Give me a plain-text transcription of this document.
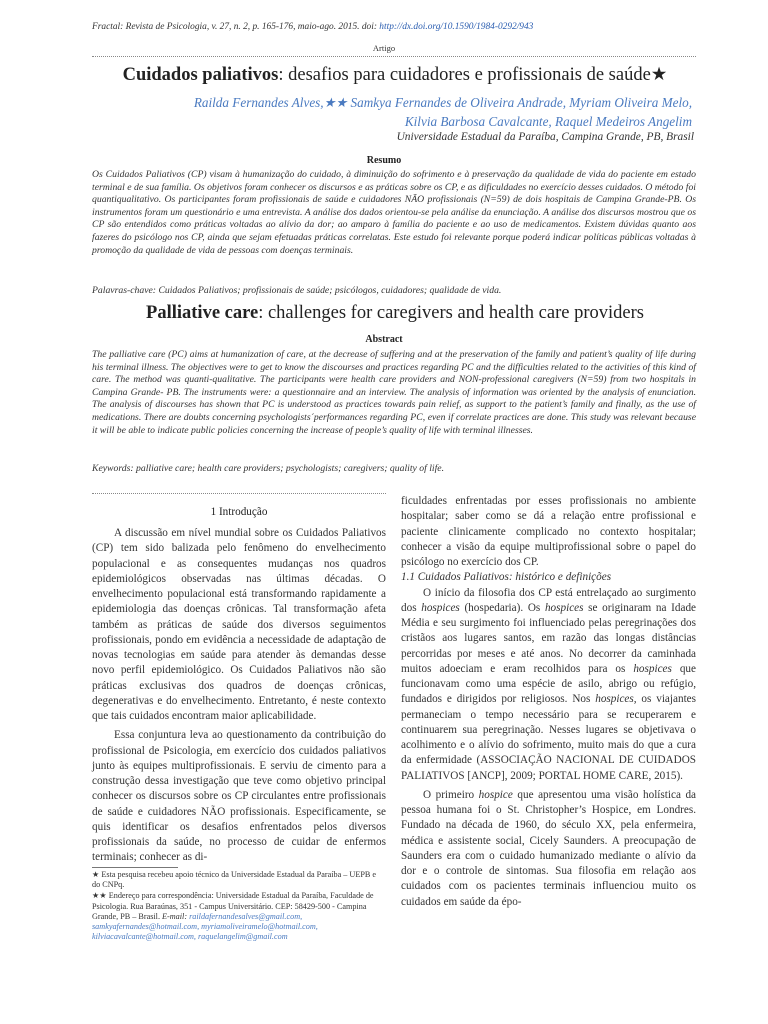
Fractal: Revista de Psicologia, v. 27, n. 2, p. 165-176, maio-ago. 2015. doi: http://dx.doi.org/10.1590/1984-0292/943
Artigo
Cuidados paliativos: desafios para cuidadores e profissionais de saúde★
Railda Fernandes Alves,★★ Samkya Fernandes de Oliveira Andrade, Myriam Oliveira Melo,
Kilvia Barbosa Cavalcante, Raquel Medeiros Angelim
Universidade Estadual da Paraíba, Campina Grande, PB, Brasil
Resumo
Os Cuidados Paliativos (CP) visam à humanização do cuidado, à diminuição do sofrimento e à preservação da qualidade de vida do paciente em estado terminal e de sua família. Os objetivos foram conhecer os discursos e as práticas sobre os CP, e as dificuldades no exercício desses cuidados. O método foi quantiqualitativo. Os participantes foram profissionais de saúde e cuidadores NÃO profissionais (N=59) de dois hospitais de Campina Grande-PB. Os instrumentos foram um questionário e uma entrevista. A análise dos dados orientou-se pela análise da enunciação. A análise dos discursos mostrou que os CP são entendidos como práticas voltadas ao alívio da dor; ao amparo à família do paciente e ao uso de medicamentos. Existem dúvidas quanto aos fazeres do psicólogo nos CP, ainda que sejam efetuadas práticas correlatas. Este estudo foi relevante porque poderá indicar políticas públicas voltadas à promoção da qualidade de vida de pessoas com doenças terminais.
Palavras-chave: Cuidados Paliativos; profissionais de saúde; psicólogos, cuidadores; qualidade de vida.
Palliative care: challenges for caregivers and health care providers
Abstract
The palliative care (PC) aims at humanization of care, at the decrease of suffering and at the preservation of the family and patient’s quality of life during his terminal illness. The objectives were to get to know the discourses and practices regarding PC and the difficulties related to the activities of this kind of care. The method was quanti-qualitative. The participants were health care providers and NON-professional caregivers (N=59) from two hospitals in Campina Grande- PB. The instruments were: a questionnaire and an interview. The analysis of information was oriented by the analysis of enunciation. The analysis of discourses has shown that PC is understood as practices towards pain relief, as support to the patient’s family and finally, as the use of medications. There are doubts concerning psychologists´performances regarding PC, even if correlate practices are done. This study was relevant because it will be able to indicate public policies concerning the increase of people’s quality of life with terminal illnesses.
Keywords: palliative care; health care providers; psychologists; caregivers; quality of life.
1 Introdução

A discussão em nível mundial sobre os Cuidados Paliativos (CP) tem sido balizada pelo fenômeno do envelhecimento populacional e as consequentes mudanças nos quadros epidemiológicos observadas nas últimas décadas. O envelhecimento populacional está transformando rapidamente a epidemiologia das doenças crônicas. Tal transformação afeta também as práticas de saúde dos diversos seguimentos profissionais, pondo em evidência a necessidade de adaptação de novas tecnologias em saúde para atender às demandas desse novo perfil epidemiológico. Os Cuidados Paliativos não são práticas exclusivas dos quadros de doenças crônicas, degenerativas e do envelhecimento. Entretanto, é neste contexto que tais cuidados encontram maior aplicabilidade.

Essa conjuntura leva ao questionamento da contribuição do profissional de Psicologia, em exercício dos cuidados paliativos junto às equipes multiprofissionais. E serviu de cimento para a construção dessa investigação que teve como objetivo principal conhecer os discursos sobre os CP circulantes entre profissionais de saúde e cuidadores NÃO profissionais. Especificamente, se quis identificar os desafios enfrentados pelos diversos profissionais da saúde, no processo de cuidar de enfermos terminais; conhecer as di-

★ Esta pesquisa recebeu apoio técnico da Universidade Estadual da Paraíba – UEPB e do CNPq.
★★ Endereço para correspondência: Universidade Estadual da Paraíba, Faculdade de Psicologia. Rua Baraúnas, 351 - Campus Universitário. CEP: 58429-500 - Campina Grande, PB – Brasil. E-mail: raildafernandesalves@gmail.com, samkyafernandes@hotmail.com, myriamoliveiramelo@hotmail.com, kilviacavalcante@hotmail.com, raquelangelim@gmail.com

ficuldades enfrentadas por esses profissionais no ambiente hospitalar; saber como se dá a relação entre profissional e paciente clinicamente complicado no contexto hospitalar; conhecer a visão da equipe multiprofissional sobre o papel do psicólogo no exercício dos CP.

1.1 Cuidados Paliativos: histórico e definições

O início da filosofia dos CP está entrelaçado ao surgimento dos hospices (hospedaria). Os hospices se originaram na Idade Média e seu surgimento foi influenciado pelas peregrinações dos cristãos aos lugares santos, em razão das longas distâncias percorridas por meses e até anos. No decorrer da caminhada muitos adoeciam e eram recolhidos para os hospices que funcionavam como uma espécie de asilo, abrigo ou refúgio, fundados e dirigidos por religiosos. Nos hospices, os viajantes permaneciam o tempo necessário para se recuperarem e continuarem sua peregrinação. Nesses lugares se objetivava o acolhimento e o alívio do sofrimento, muito mais do que a cura da enfermidade (ASSOCIAÇÃO NACIONAL DE CUIDADOS PALIATIVOS [ANCP], 2009; PORTAL HOME CARE, 2015).

O primeiro hospice que apresentou uma visão holística da pessoa humana foi o St. Christopher’s Hospice, em Londres. Fundado na década de 1960, do século XX, pela enfermeira, médica e assistente social, Cicely Saunders. A preocupação de Saunders era com o cuidado humanizado mediante o alívio da dor e o controle de sintomas. Sua filosofia em relação aos cuidados com os pacientes terminais influenciou muito os cuidados em saúde da épo-
